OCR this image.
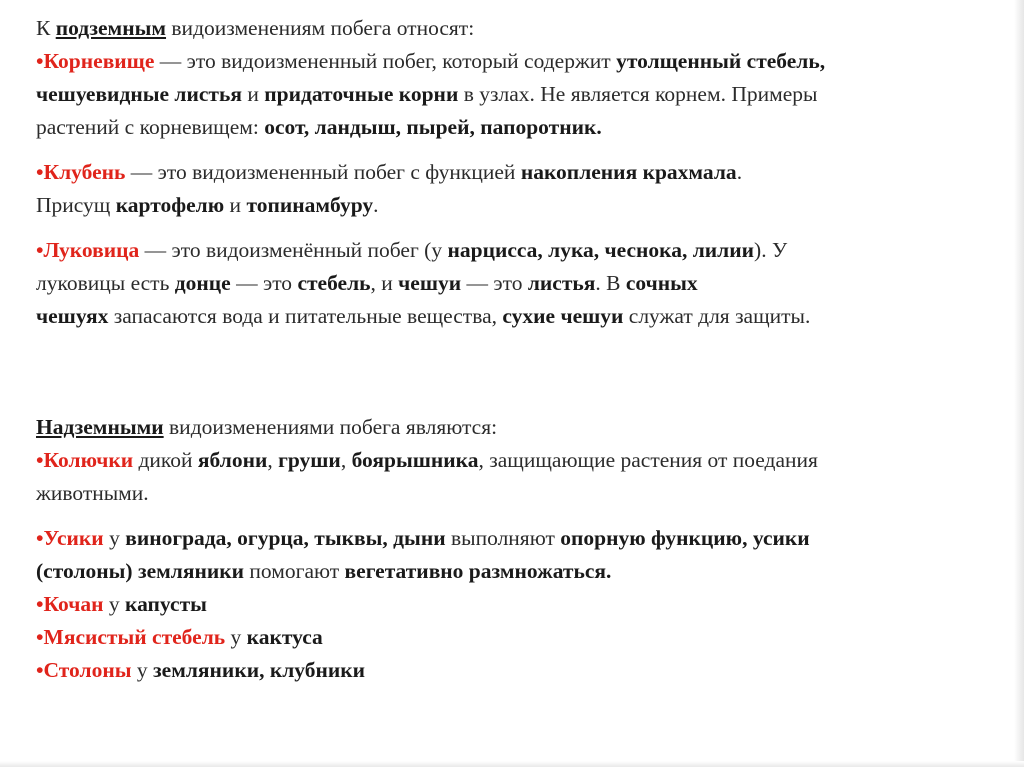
К подземным видоизменениям побега относят:
•Корневище — это видоизмененный побег, который содержит утолщенный стебель,
чешуевидные листья и придаточные корни в узлах. Не является корнем. Примеры
растений с корневищем: осот, ландыш, пырей, папоротник.
•Клубень — это видоизмененный побег с функцией накопления крахмала.
Присущ картофелю и топинамбуру.
•Луковица — это видоизменённый побег (у нарцисса, лука, чеснока, лилии). У
луковицы есть донце — это стебель, и чешуи — это листья. В сочных
чешуях запасаются вода и питательные вещества, сухие чешуи служат для защиты.
Надземными видоизменениями побега являются:
•Колючки дикой яблони, груши, боярышника, защищающие растения от поедания
животными.
•Усики у винограда, огурца, тыквы, дыни выполняют опорную функцию, усики
(столоны) земляники помогают вегетативно размножаться.
•Кочан у капусты
•Мясистый стебель у кактуса
•Столоны у земляники, клубники
